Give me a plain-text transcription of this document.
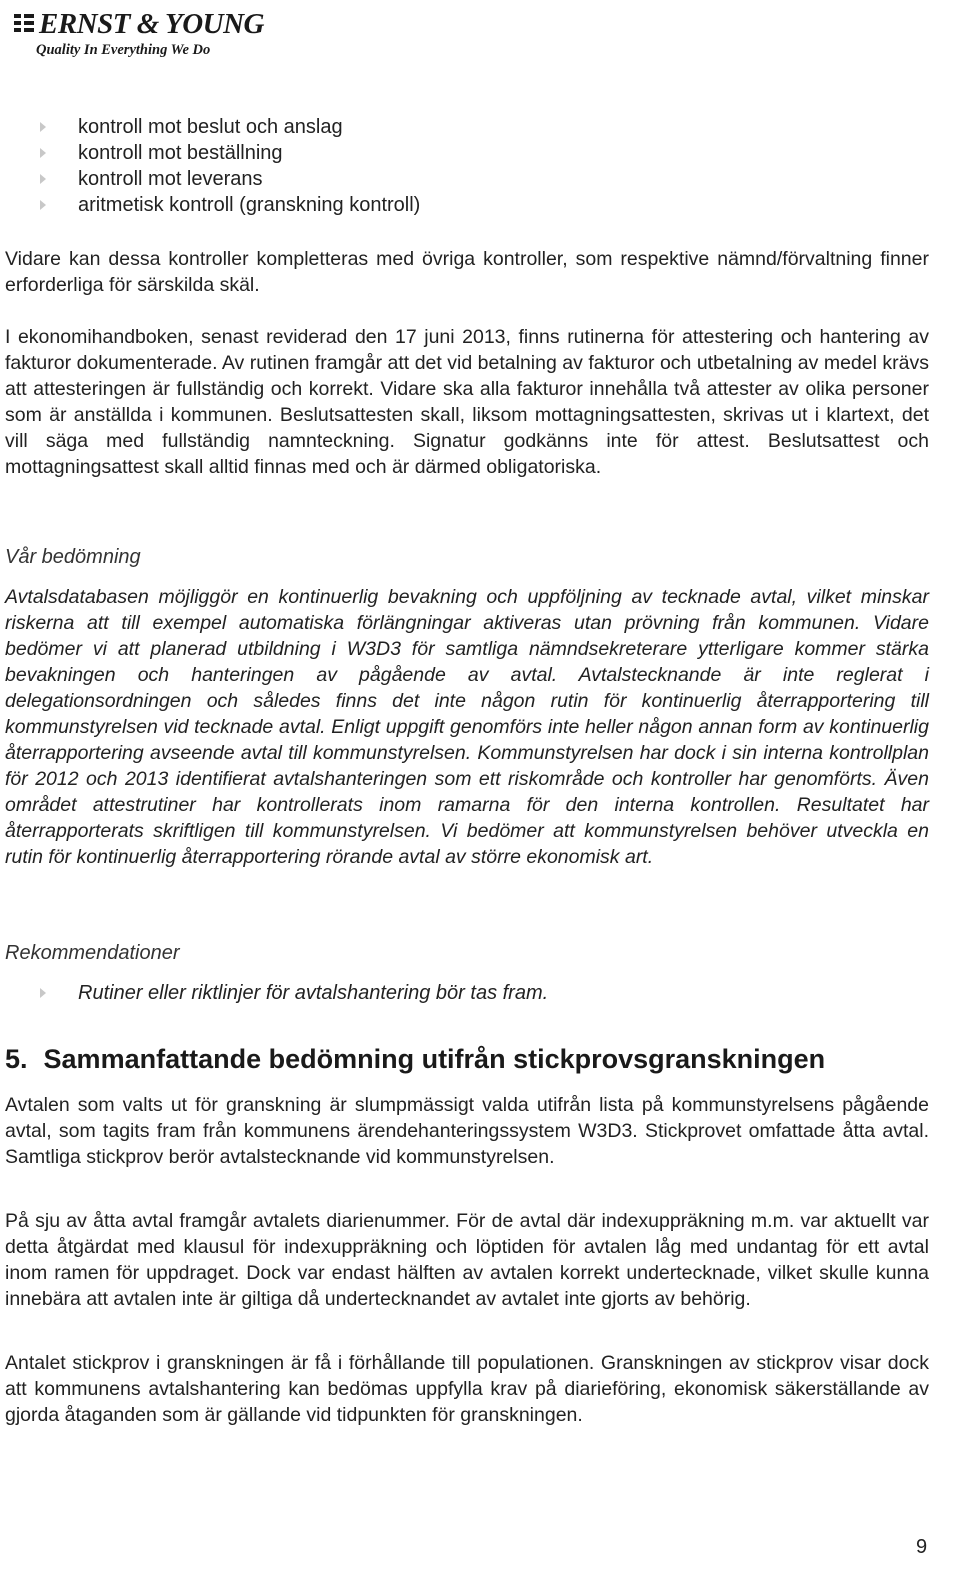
ERNST & YOUNG
Quality In Everything We Do
kontroll mot beslut och anslag
kontroll mot beställning
kontroll mot leverans
aritmetisk kontroll (granskning kontroll)
Vidare kan dessa kontroller kompletteras med övriga kontroller, som respektive nämnd/förvaltning finner erforderliga för särskilda skäl.
I ekonomihandboken, senast reviderad den 17 juni 2013, finns rutinerna för attestering och hantering av fakturor dokumenterade. Av rutinen framgår att det vid betalning av fakturor och utbetalning av medel krävs att attesteringen är fullständig och korrekt. Vidare ska alla fakturor innehålla två attester av olika personer som är anställda i kommunen. Beslutsattesten skall, liksom mottagningsattesten, skrivas ut i klartext, det vill säga med fullständig namnteckning. Signatur godkänns inte för attest. Beslutsattest och mottagningsattest skall alltid finnas med och är därmed obligatoriska.
Vår bedömning
Avtalsdatabasen möjliggör en kontinuerlig bevakning och uppföljning av tecknade avtal, vilket minskar riskerna att till exempel automatiska förlängningar aktiveras utan prövning från kommunen. Vidare bedömer vi att planerad utbildning i W3D3 för samtliga nämndsekreterare ytterligare kommer stärka bevakningen och hanteringen av pågående av avtal. Avtalstecknande är inte reglerat i delegationsordningen och således finns det inte någon rutin för kontinuerlig återrapportering till kommunstyrelsen vid tecknade avtal. Enligt uppgift genomförs inte heller någon annan form av kontinuerlig återrapportering avseende avtal till kommunstyrelsen. Kommunstyrelsen har dock i sin interna kontrollplan för 2012 och 2013 identifierat avtalshanteringen som ett riskområde och kontroller har genomförts. Även området attestrutiner har kontrollerats inom ramarna för den interna kontrollen. Resultatet har återrapporterats skriftligen till kommunstyrelsen. Vi bedömer att kommunstyrelsen behöver utveckla en rutin för kontinuerlig återrapportering rörande avtal av större ekonomisk art.
Rekommendationer
Rutiner eller riktlinjer för avtalshantering bör tas fram.
5. Sammanfattande bedömning utifrån stickprovsgranskningen
Avtalen som valts ut för granskning är slumpmässigt valda utifrån lista på kommunstyrelsens pågående avtal, som tagits fram från kommunens ärendehanteringssystem W3D3. Stickprovet omfattade åtta avtal. Samtliga stickprov berör avtalstecknande vid kommunstyrelsen.
På sju av åtta avtal framgår avtalets diarienummer. För de avtal där indexuppräkning m.m. var aktuellt var detta åtgärdat med klausul för indexuppräkning och löptiden för avtalen låg med undantag för ett avtal inom ramen för uppdraget. Dock var endast hälften av avtalen korrekt undertecknade, vilket skulle kunna innebära att avtalen inte är giltiga då undertecknandet av avtalet inte gjorts av behörig.
Antalet stickprov i granskningen är få i förhållande till populationen. Granskningen av stickprov visar dock att kommunens avtalshantering kan bedömas uppfylla krav på diarieföring, ekonomisk säkerställande av gjorda åtaganden som är gällande vid tidpunkten för granskningen.
9
